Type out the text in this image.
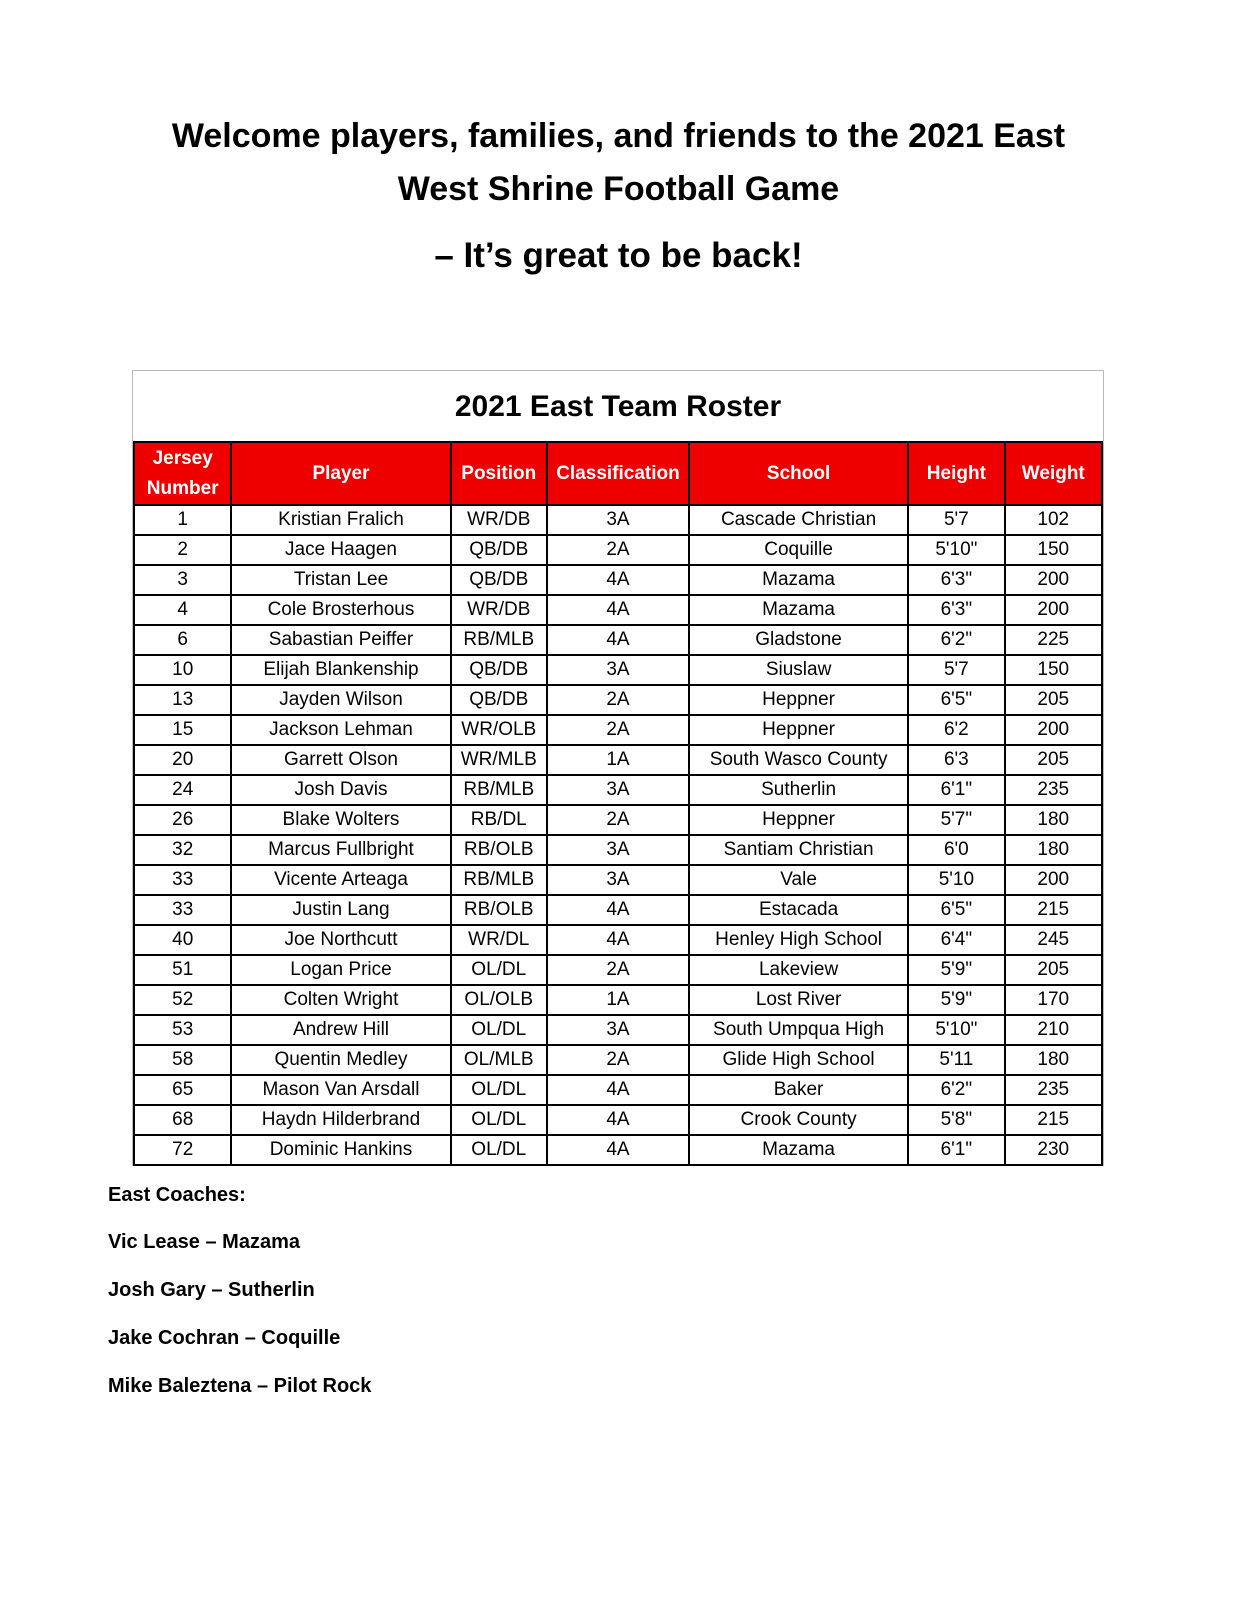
Welcome players, families, and friends to the 2021 East
West Shrine Football Game
– It’s great to be back!
2021 East Team Roster
Jersey Number	Player	Position	Classification	School	Height	Weight
1	Kristian Fralich	WR/DB	3A	Cascade Christian	5'7	102
2	Jace Haagen	QB/DB	2A	Coquille	5'10"	150
3	Tristan Lee	QB/DB	4A	Mazama	6'3"	200
4	Cole Brosterhous	WR/DB	4A	Mazama	6'3"	200
6	Sabastian Peiffer	RB/MLB	4A	Gladstone	6'2"	225
10	Elijah Blankenship	QB/DB	3A	Siuslaw	5'7	150
13	Jayden Wilson	QB/DB	2A	Heppner	6'5"	205
15	Jackson Lehman	WR/OLB	2A	Heppner	6'2	200
20	Garrett Olson	WR/MLB	1A	South Wasco County	6'3	205
24	Josh Davis	RB/MLB	3A	Sutherlin	6'1"	235
26	Blake Wolters	RB/DL	2A	Heppner	5'7"	180
32	Marcus Fullbright	RB/OLB	3A	Santiam Christian	6'0	180
33	Vicente Arteaga	RB/MLB	3A	Vale	5'10	200
33	Justin Lang	RB/OLB	4A	Estacada	6'5"	215
40	Joe Northcutt	WR/DL	4A	Henley High School	6'4"	245
51	Logan Price	OL/DL	2A	Lakeview	5'9"	205
52	Colten Wright	OL/OLB	1A	Lost River	5'9"	170
53	Andrew Hill	OL/DL	3A	South Umpqua High	5'10"	210
58	Quentin Medley	OL/MLB	2A	Glide High School	5'11	180
65	Mason Van Arsdall	OL/DL	4A	Baker	6'2"	235
68	Haydn Hilderbrand	OL/DL	4A	Crook County	5'8"	215
72	Dominic Hankins	OL/DL	4A	Mazama	6'1"	230
East Coaches:
Vic Lease – Mazama
Josh Gary – Sutherlin
Jake Cochran – Coquille
Mike Baleztena – Pilot Rock
